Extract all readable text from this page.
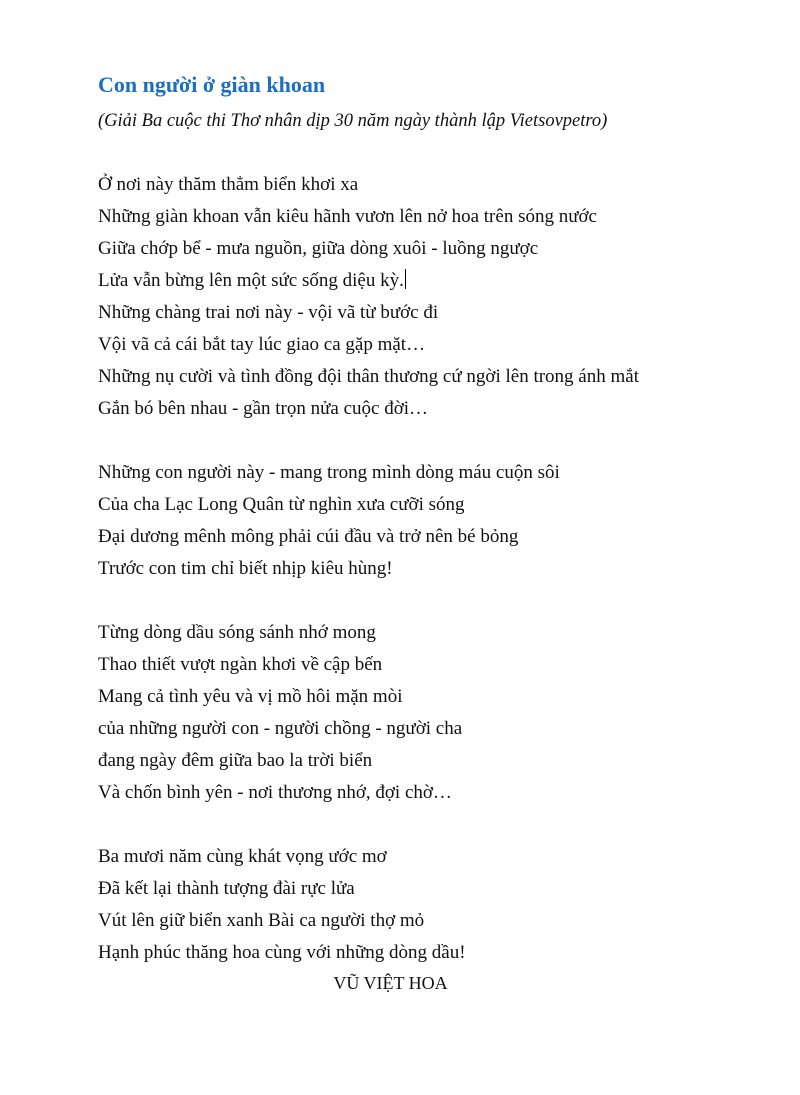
Con người ở giàn khoan
(Giải Ba cuộc thi Thơ nhân dịp 30 năm ngày thành lập Vietsovpetro)
Ở nơi này thăm thẳm biển khơi xa
Những giàn khoan vẫn kiêu hãnh vươn lên nở hoa trên sóng nước
Giữa chớp bể - mưa nguồn, giữa dòng xuôi - luồng ngược
Lửa vẫn bừng lên một sức sống diệu kỳ.
Những chàng trai nơi này - vội vã từ bước đi
Vội vã cả cái bắt tay lúc giao ca gặp mặt…
Những nụ cười và tình đồng đội thân thương cứ ngời lên trong ánh mắt
Gắn bó bên nhau - gần trọn nửa cuộc đời…
Những con người này - mang trong mình dòng máu cuộn sôi
Của cha Lạc Long Quân từ nghìn xưa cưỡi sóng
Đại dương mênh mông phải cúi đầu và trở nên bé bỏng
Trước con tim chỉ biết nhịp kiêu hùng!
Từng dòng dầu sóng sánh nhớ mong
Thao thiết vượt ngàn khơi về cập bến
Mang cả tình yêu và vị mồ hôi mặn mòi
của những người con - người chồng - người cha
đang ngày đêm giữa bao la trời biển
Và chốn bình yên - nơi thương nhớ, đợi chờ…
Ba mươi năm cùng khát vọng ước mơ
Đã kết lại thành tượng đài rực lửa
Vút lên giữ biển xanh Bài ca người thợ mỏ
Hạnh phúc thăng hoa cùng với những dòng dầu!
VŨ VIỆT HOA
